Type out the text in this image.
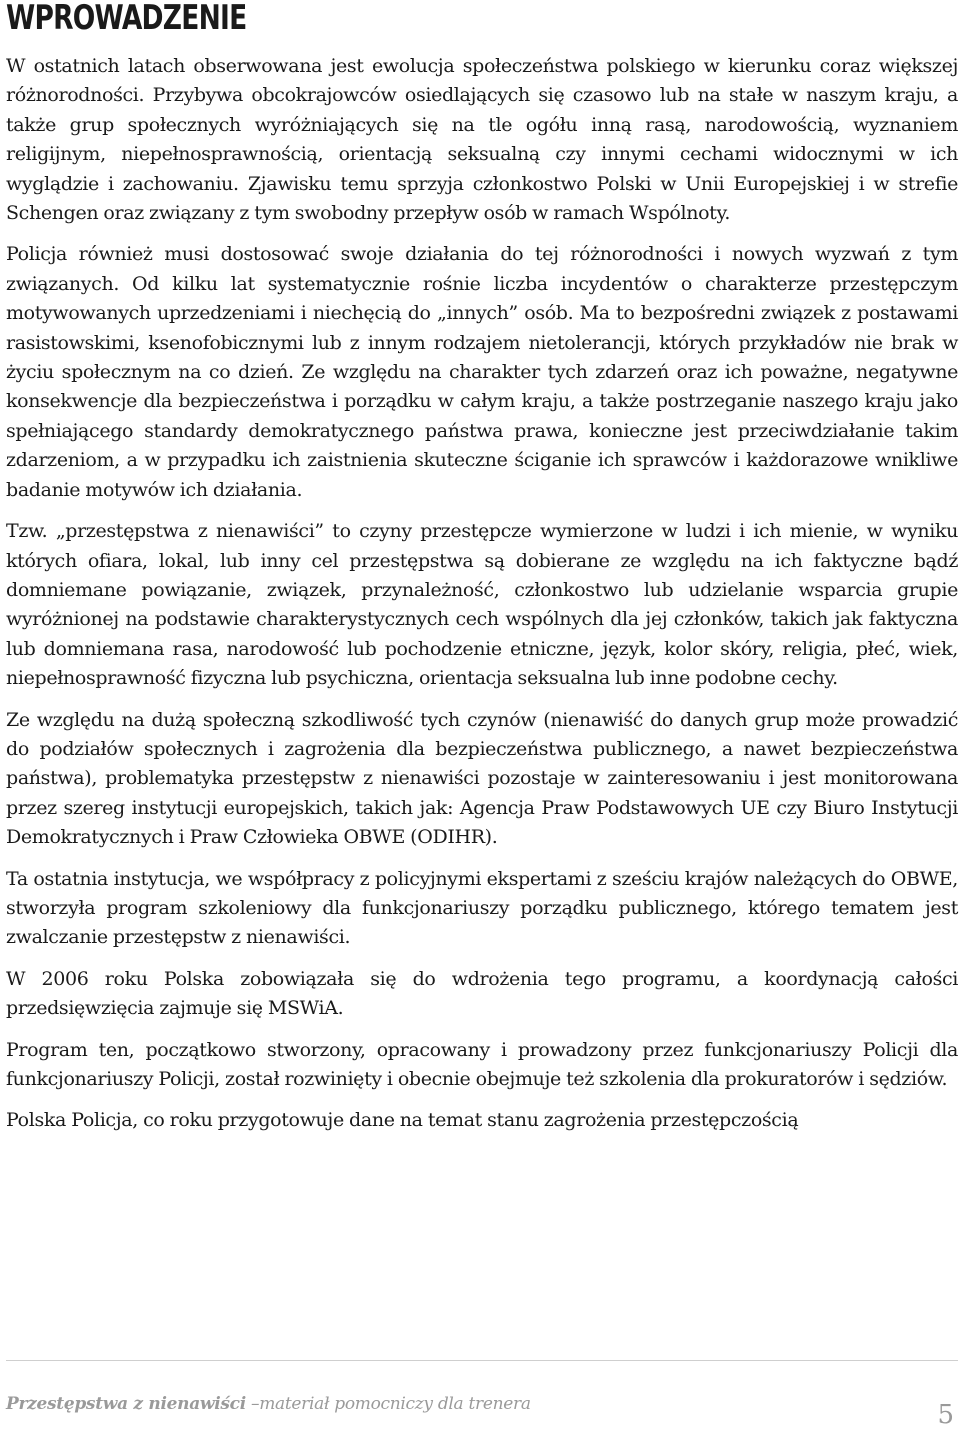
WPROWADZENIE

W ostatnich latach obserwowana jest ewolucja społeczeństwa polskiego w kierunku coraz większej różnorodności. Przybywa obcokrajowców osiedlających się czasowo lub na stałe w naszym kraju, a także grup społecznych wyróżniających się na tle ogółu inną rasą, narodowością, wyznaniem religijnym, niepełnosprawnością, orientacją seksualną czy innymi cechami widocznymi w ich wyglądzie i zachowaniu. Zjawisku temu sprzyja członkostwo Polski w Unii Europejskiej i w strefie Schengen oraz związany z tym swobodny przepływ osób w ramach Wspólnoty.

Policja również musi dostosować swoje działania do tej różnorodności i nowych wyzwań z tym związanych. Od kilku lat systematycznie rośnie liczba incydentów o charakterze przestępczym motywowanych uprzedzeniami i niechęcią do „innych” osób. Ma to bezpośredni związek z postawami rasistowskimi, ksenofobicznymi lub z innym rodzajem nietolerancji, których przykładów nie brak w życiu społecznym na co dzień. Ze względu na charakter tych zdarzeń oraz ich poważne, negatywne konsekwencje dla bezpieczeństwa i porządku w całym kraju, a także postrzeganie naszego kraju jako spełniającego standardy demokratycznego państwa prawa, konieczne jest przeciwdziałanie takim zdarzeniom, a w przypadku ich zaistnienia skuteczne ściganie ich sprawców i każdorazowe wnikliwe badanie motywów ich działania.

Tzw. „przestępstwa z nienawiści” to czyny przestępcze wymierzone w ludzi i ich mienie, w wyniku których ofiara, lokal, lub inny cel przestępstwa są dobierane ze względu na ich faktyczne bądź domniemane powiązanie, związek, przynależność, członkostwo lub udzielanie wsparcia grupie wyróżnionej na podstawie charakterystycznych cech wspólnych dla jej członków, takich jak faktyczna lub domniemana rasa, narodowość lub pochodzenie etniczne, język, kolor skóry, religia, płeć, wiek, niepełnosprawność fizyczna lub psychiczna, orientacja seksualna lub inne podobne cechy.

Ze względu na dużą społeczną szkodliwość tych czynów (nienawiść do danych grup może prowadzić do podziałów społecznych i zagrożenia dla bezpieczeństwa publicznego, a nawet bezpieczeństwa państwa), problematyka przestępstw z nienawiści pozostaje w zainteresowaniu i jest monitorowana przez szereg instytucji europejskich, takich jak: Agencja Praw Podstawowych UE czy Biuro Instytucji Demokratycznych i Praw Człowieka OBWE (ODIHR).

Ta ostatnia instytucja, we współpracy z policyjnymi ekspertami z sześciu krajów należących do OBWE, stworzyła program szkoleniowy dla funkcjonariuszy porządku publicznego, którego tematem jest zwalczanie przestępstw z nienawiści.

W 2006 roku Polska zobowiązała się do wdrożenia tego programu, a koordynacją całości przedsięwzięcia zajmuje się MSWiA.

Program ten, początkowo stworzony, opracowany i prowadzony przez funkcjonariuszy Policji dla funkcjonariuszy Policji, został rozwinięty i obecnie obejmuje też szkolenia dla prokuratorów i sędziów.

Polska Policja, co roku przygotowuje dane na temat stanu zagrożenia przestępczością

Przestępstwa z nienawiści –materiał pomocniczy dla trenera	5
